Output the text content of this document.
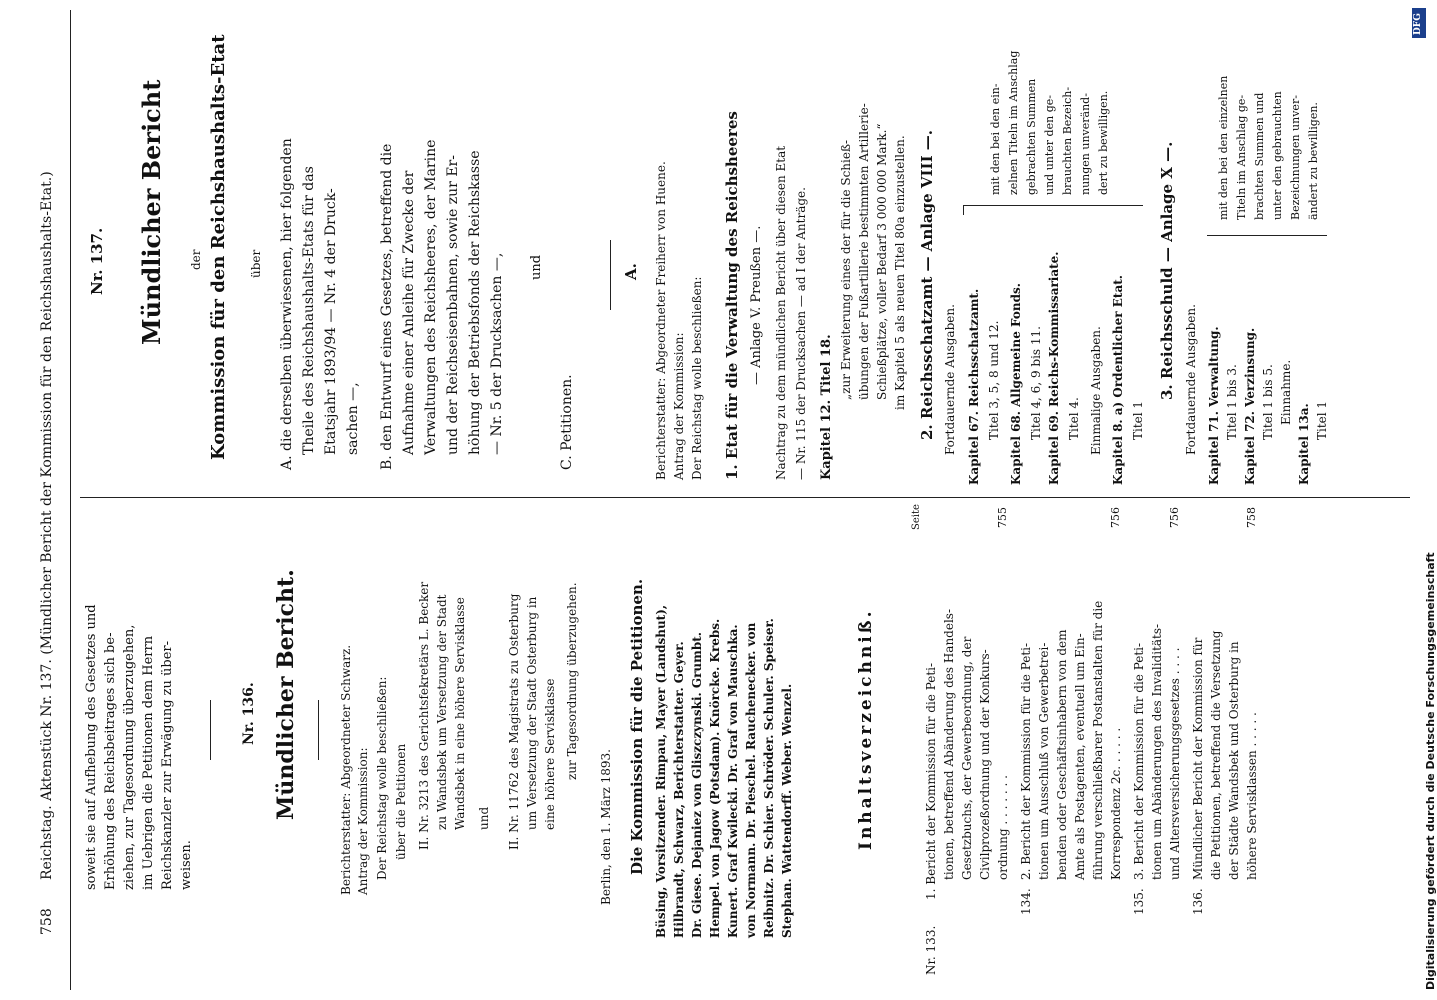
Digitalisierung gefördert durch die Deutsche Forschungsgemeinschaft
DFG
758
Reichstag. Aktenstück Nr. 137. (Mündlicher Bericht der Kommission für den Reichshaushalts-Etat.) soweit sie auf Aufhebung des Gesetzes und Erhöhung des Reichsbeitrages sich be- ziehen, zur Tagesordnung überzugehen, im Uebrigen die Petitionen dem Herrn Reichskanzler zur Erwägung zu über- weisen.
Nr. 136. Mündlicher Bericht.	Berichterstatter: Abgeordneter Schwarz. Antrag der Kommission: Der Reichstag wolle beschließen: über die Petitionen II. Nr. 3213 des Gerichtsfekretärs L. Becker zu Wandsbek um Versetzung der Stadt Wandsbek in eine höhere Servisklasse und II. Nr. 11762 des Magistrats zu Osterburg um Versetzung der Stadt Osterburg in eine höhere Servisklasse zur Tagesordnung überzugehen.
Berlin, den 1. März 1893. Die Kommission für die Petitionen. Büsing, Vorsitzender. Rimpau, Mayer (Landshut), Hilbrandt, Schwarz, Berichterstatter. Geyer. Dr. Giese. Dejaniez von Gliszczynski. Grumbt. Hempel. von Jagow (Potsdam). Knörcke. Krebs. Kunert. Graf Kwilecki. Dr. Graf von Mauschka. von Normann. Dr. Pieschel. Rauchenecker. von Reibnitz. Dr. Schier. Schröder. Schuler. Speiser. Stephan. Wattendorff. Weber. Wenzel.	Inhaltsverzeichniß.
Seite
Nr. 133.
1. Bericht der Kommission für die Peti- tionen, betreffend Abänderung des Handels- Gesetzbuchs, der Gewerbeordnung, der Civilprozeßordnung und der Konkurs- ordnung . . . . . . .
755
134.
2. Bericht der Kommission für die Peti- tionen um Ausschluß von Gewerbetrei- benden oder Geschäftsinhabern von dem Amte als Postagenten, eventuell um Ein- führung verschließbarer Postanstalten für die Korrespondenz 2c. . . . . .
756
135.
3. Bericht der Kommission für die Peti- tionen um Abänderungen des Invaliditäts- und Altersversicherungsgesetzes . . . .
756
136.
Mündlicher Bericht der Kommission für die Petitionen, betreffend die Versetzung der Städte Wandsbek und Osterburg in höhere Servisklassen . . . . .
758
Nr. 137. Mündlicher Bericht der Kommission für den Reichshaushalts-Etat über A. die derselben überwiesenen, hier folgenden Theile des Reichshaushalts-Etats für das Etatsjahr 1893/94 — Nr. 4 der Druck- sachen —, B. den Entwurf eines Gesetzes, betreffend die Aufnahme einer Anleihe für Zwecke der Verwaltungen des Reichsheeres, der Marine und der Reichseisenbahnen, sowie zur Er- höhung der Betriebsfonds der Reichskasse — Nr. 5 der Drucksachen —, und
C. Petitionen.
A. Berichterstatter: Abgeordneter Freiherr von Huene. Antrag der Kommission: Der Reichstag wolle beschließen: 1. Etat für die Verwaltung des Reichsheeres — Anlage V. Preußen —. Nachtrag zu dem mündlichen Bericht über diesen Etat — Nr. 115 der Drucksachen — ad I der Anträge. Kapitel 12. Titel 18.
„zur Erweiterung eines der für die Schieß- übungen der Fußartillerie bestimmten Artillerie- Schießplätze, voller Bedarf 3 000 000 Mark.“ im Kapitel 5 als neuen Titel 80a einzustellen. 2. Reichsschatzamt — Anlage VIII —. Fortdauernde Ausgaben. Kapitel 67. Reichsschatzamt. Titel 3, 5, 8 und 12. Kapitel 68. Allgemeine Fonds. Titel 4, 6, 9 bis 11. Kapitel 69. Reichs-Kommissariate. Titel 4. Einmalige Ausgaben. Kapitel 8. a) Ordentlicher Etat. Titel 1
mit den bei den ein- zelnen Titeln im Anschlag gebrachten Summen und unter den ge- brauchten Bezeich- nungen unveränd- dert zu bewilligen.	3. Reichsschuld — Anlage X —. Fortdauernde Ausgaben. Kapitel 71. Verwaltung. Titel 1 bis 3. Kapitel 72. Verzinsung. Titel 1 bis 5. Einnahme.
Kapitel 13a. Titel 1
mit den bei den einzelnen Titeln im Anschlag ge- brachten Summen und unter den gebrauchten Bezeichnungen unver- ändert zu bewilligen.
